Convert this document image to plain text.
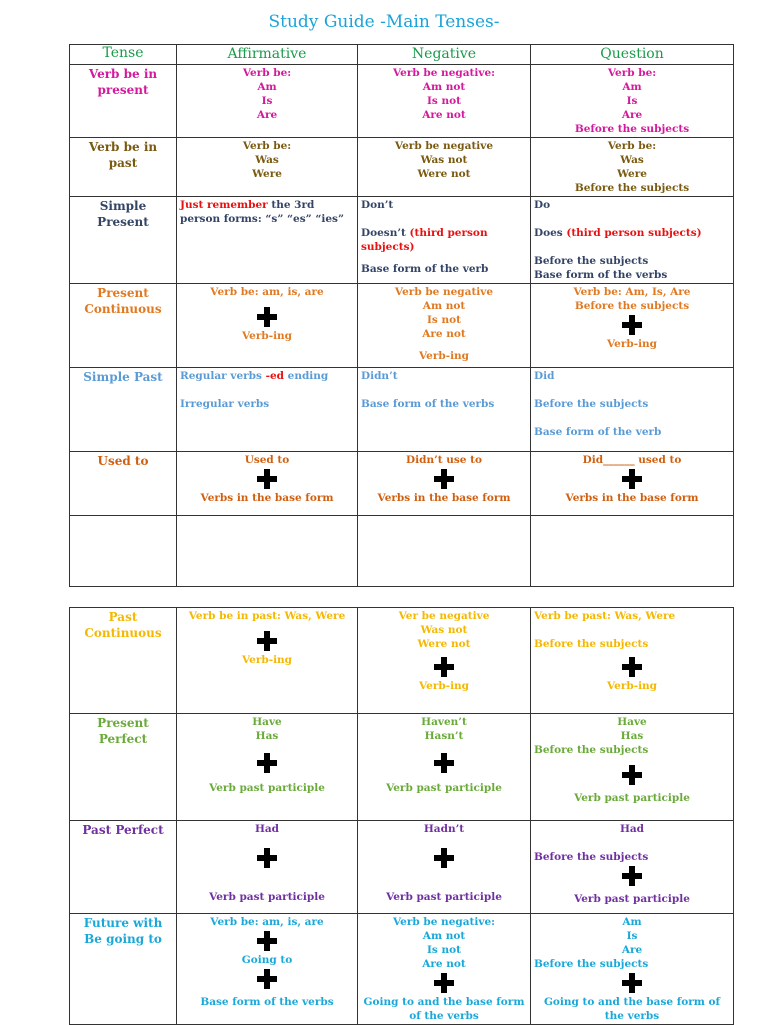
Study Guide -Main Tenses-
Tense	Affirmative	Negative	Question
Verb be in present	Verb be:
Am
Is
Are	Verb be negative:
Am not
Is not
Are not	Verb be:
Am
Is
Are
Before the subjects

Verb be in past	Verb be:
Was
Were	Verb be negative
Was not
Were not	Verb be:
Was
Were
Before the subjects

Simple Present	Just remember the 3rd person forms: “s” “es” “ies”	Don’t
Doesn’t (third person subjects)
Base form of the verb	Do
Does (third person subjects)
Before the subjects
Base form of the verbs

Present Continuous	Verb be: am, is, are
Verb-ing	Verb be negative
Am not
Is not
Are not
Verb-ing	Verb be: Am, Is, Are
Before the subjects
Verb-ing

Simple Past	Regular verbs -ed ending
Irregular verbs	Didn’t
Base form of the verbs	Did
Before the subjects
Base form of the verb

Used to	Used to
Verbs in the base form	Didn’t use to
Verbs in the base form	Did______ used to
Verbs in the base form

Past Continuous	Verb be in past: Was, Were
Verb-ing	Ver be negative
Was not
Were not
Verb-ing	Verb be past: Was, Were
Before the subjects
Verb-ing

Present Perfect	Have
Has
Verb past participle	Haven’t
Hasn’t
Verb past participle	Have
Has
Before the subjects
Verb past participle

Past Perfect	Had
Verb past participle	Hadn’t
Verb past participle	Had
Before the subjects
Verb past participle

Future with Be going to	Verb be: am, is, are
Going to
Base form of the verbs	Verb be negative:
Am not
Is not
Are not
Going to and the base form of the verbs	Am
Is
Are
Before the subjects
Going to and the base form of the verbs
